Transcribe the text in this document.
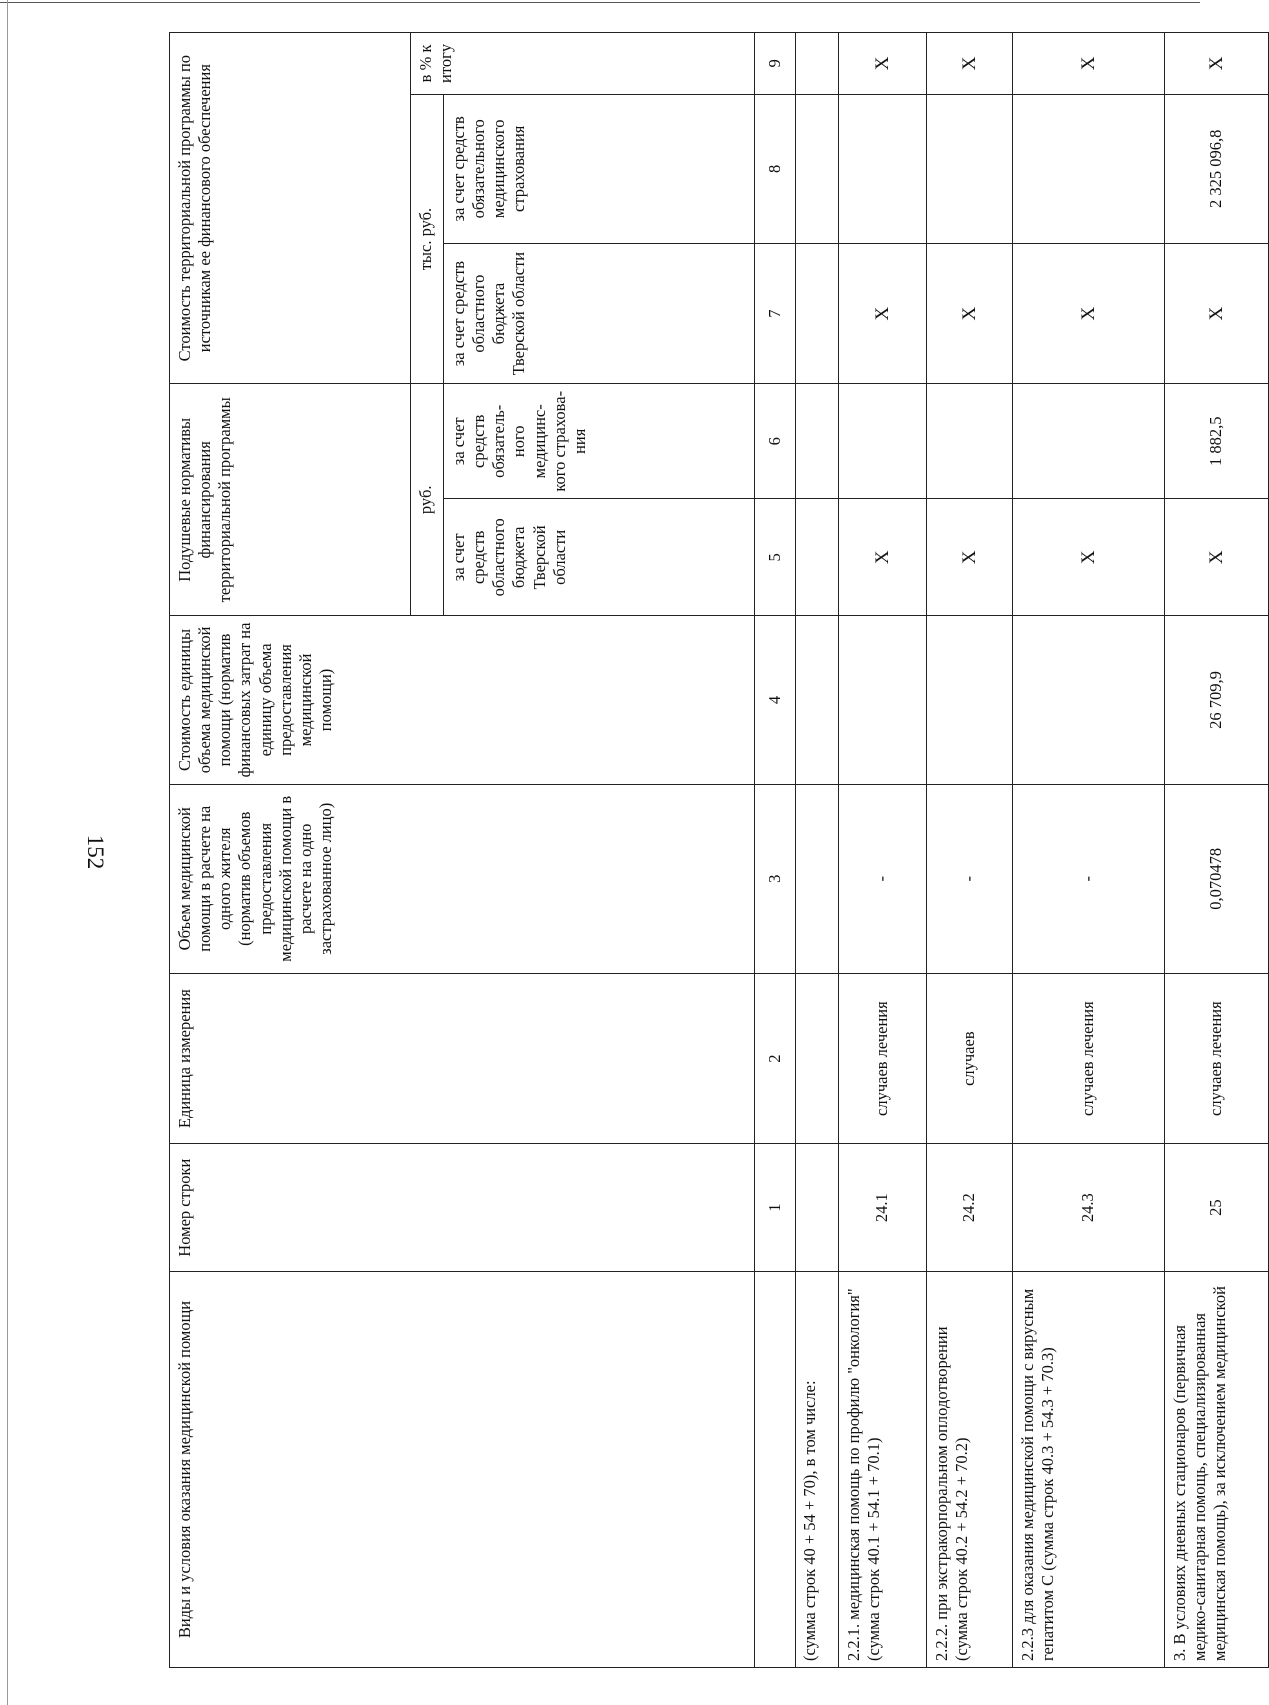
152
Виды и условия оказания медицинской помощи	Номер строки	Единица измерения	Объем медицинской помощи в расчете на одного жителя (норматив объемов предоставления медицинской помощи в расчете на одно застрахованное лицо)	Стоимость единицы объема медицинской помощи (норматив финансовых затрат на единицу объема предоставления медицинской помощи)	Подушевые нормативы финансирования территориальной программы		Стоимость территориальной программы по источникам ее финансового обеспечения		
					руб.		тыс. руб.		в % к итогу
					за счет средств областного бюджета Тверской области	за счет средств обязатель-ного медицинс-кого страхова-ния	за счет средств областного бюджета Тверской области	за счет средств обязательного медицинского страхования	
	1	2	3	4	5	6	7	8	9
(сумма строк 40 + 54 + 70), в том числе:									
2.2.1. медицинская помощь по профилю "онкология" (сумма строк 40.1 + 54.1 + 70.1)	24.1	случаев лечения	-		X		X		X
2.2.2. при экстракорпоральном оплодотворении (сумма строк 40.2 + 54.2 + 70.2)	24.2	случаев	-		X		X		X
2.2.3 для оказания медицинской помощи с вирусным гепатитом С (сумма строк 40.3 + 54.3 + 70.3)	24.3	случаев лечения	-		X		X		X
3. В условиях дневных стационаров (первичная медико-санитарная помощь, специализированная медицинская помощь), за исключением медицинской	25	случаев лечения	0,070478	26 709,9	X	1 882,5	X	2 325 096,8	X
